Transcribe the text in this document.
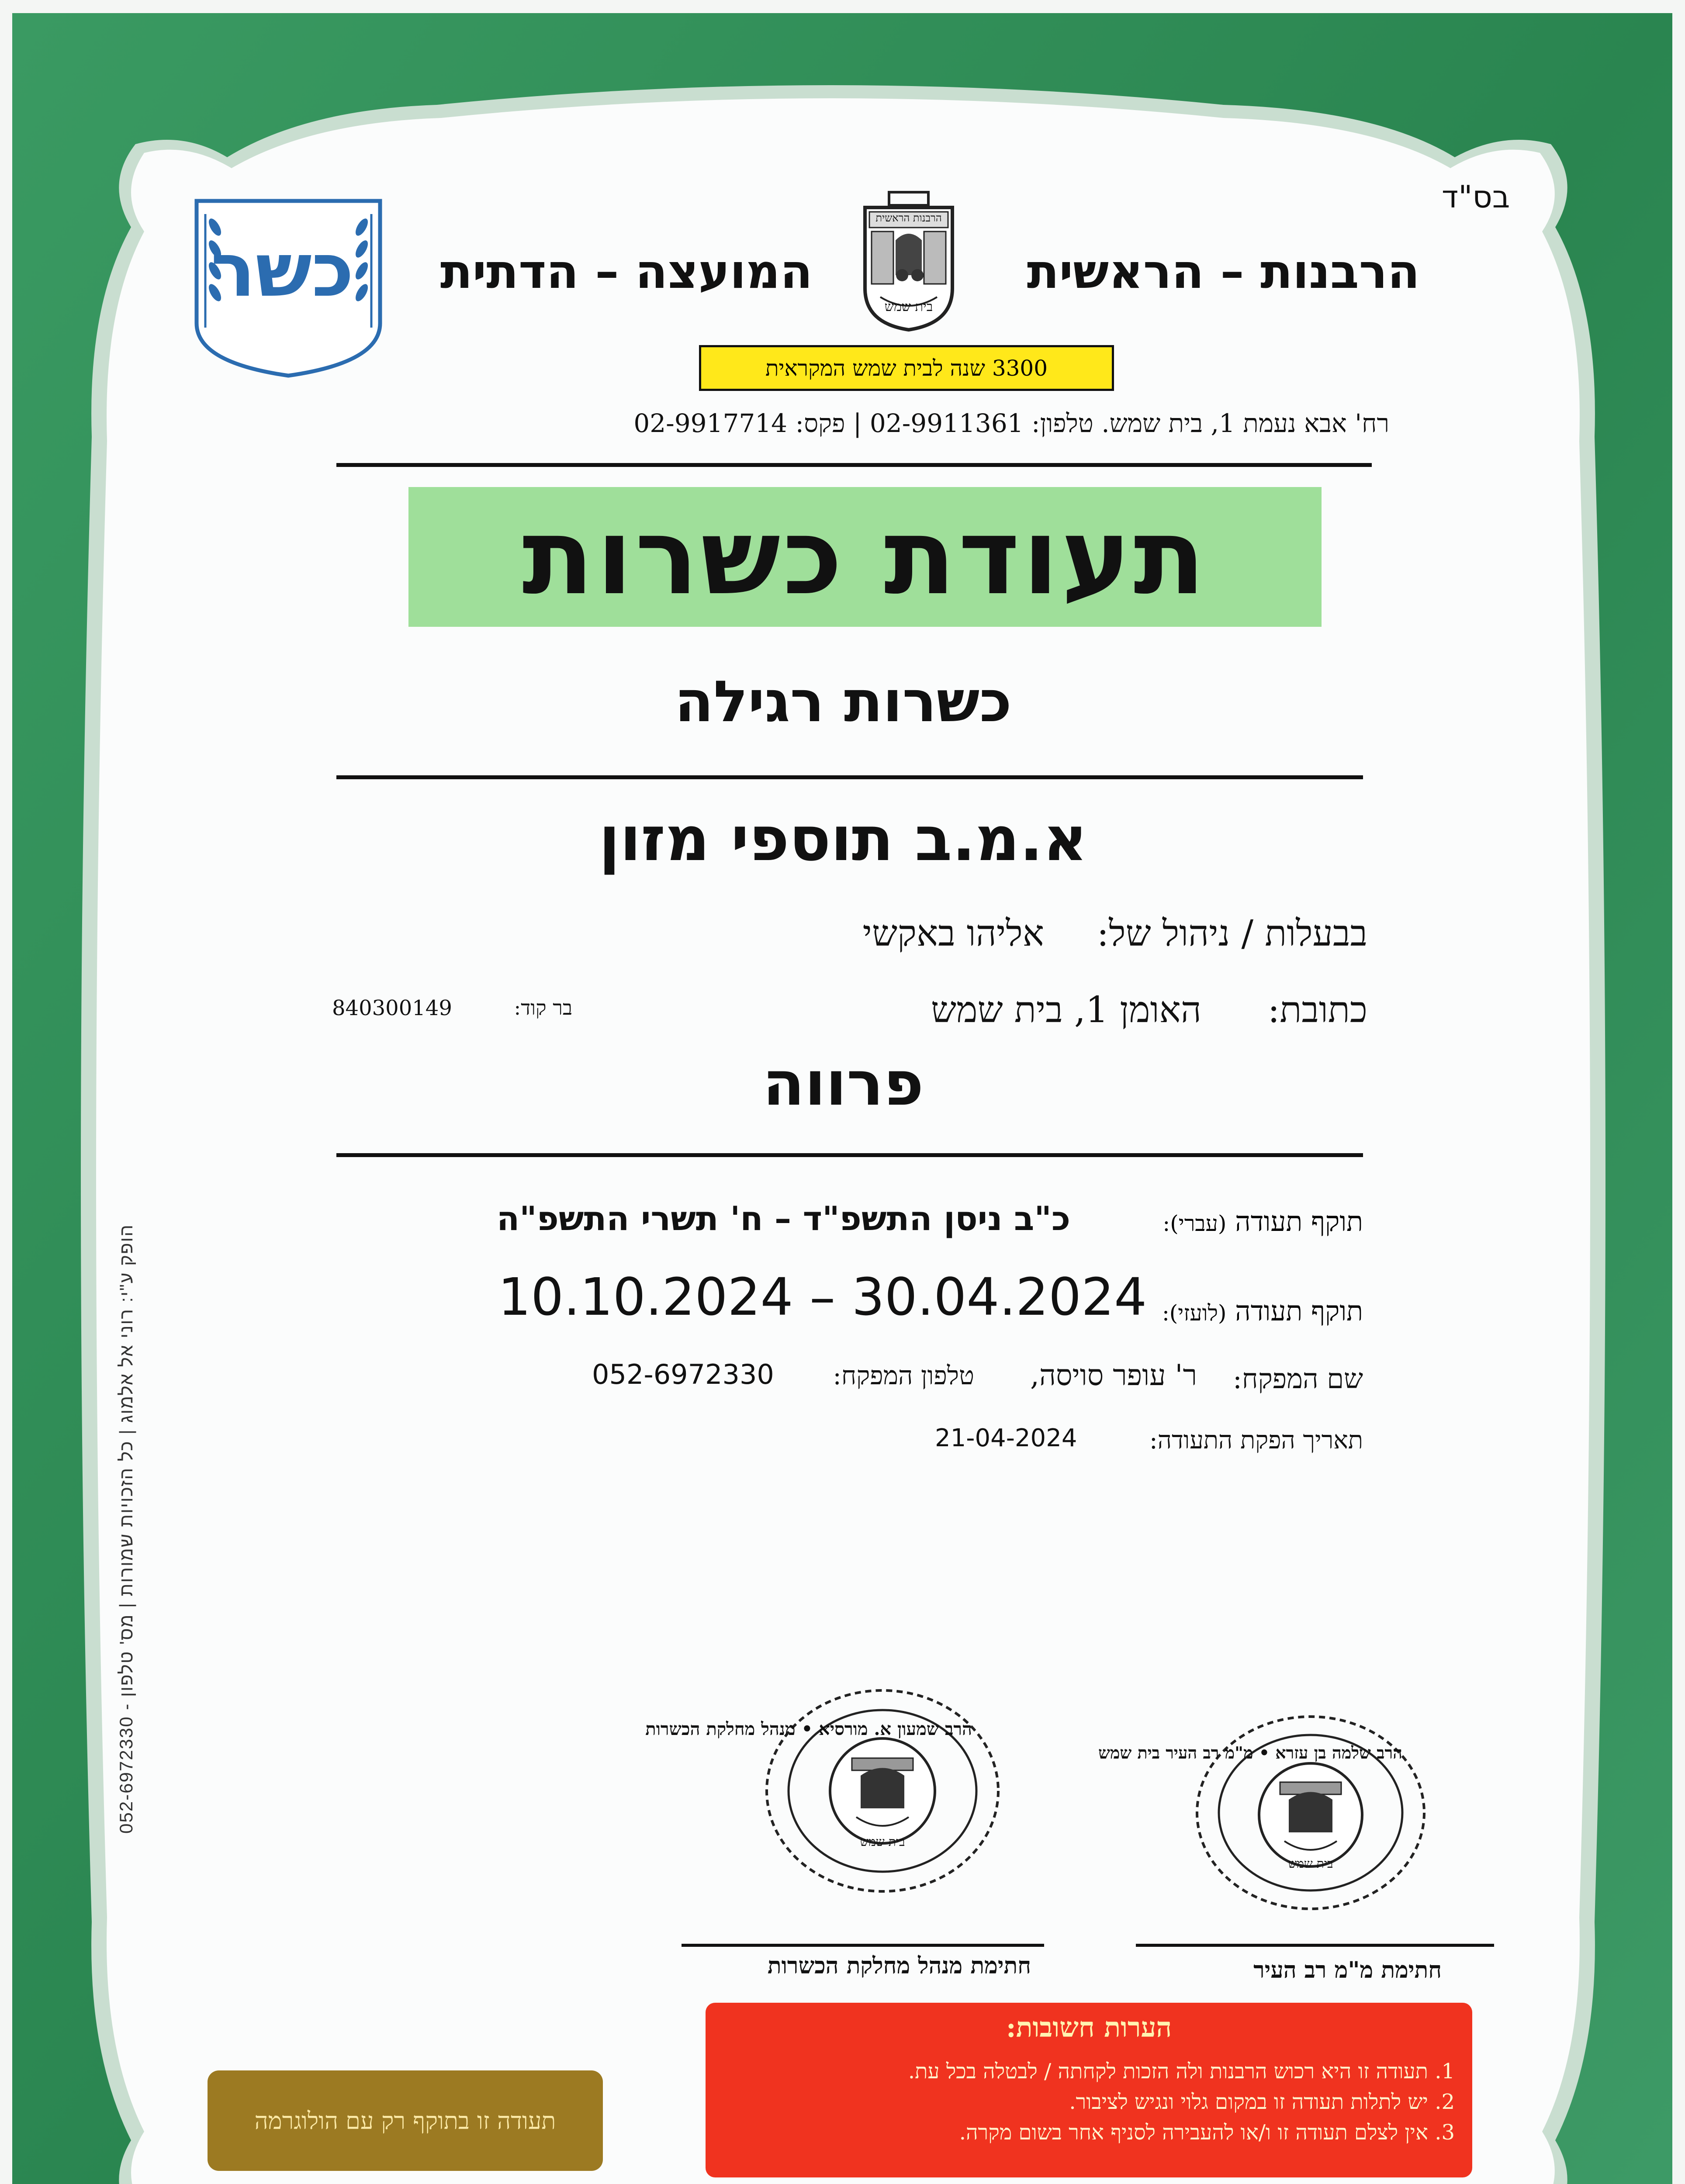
הופק ע"י: רוני אל אלמוג | כל הזכויות שמורות | מס' טלפון - 052-6972330
בס"ד
הרבנות – הראשית
המועצה – הדתית
הרבנות הראשית
בית שמש
כשר
3300 שנה לבית שמש המקראית
רח' אבא נעמת 1, בית שמש. טלפון: 02-9911361 | פקס: 02-9917714
תעודת כשרות
כשרות רגילה
א.מ.ב תוספי מזון
בבעלות / ניהול של:
אליהו באקשי
כתובת:
האומן 1, בית שמש
בר קוד:
840300149
פרווה
תוקף תעודה (עברי):
כ"ב ניסן התשפ"ד – ח' תשרי התשפ"ה
תוקף תעודה (לועזי):
10.10.2024 – 30.04.2024
שם המפקח:
ר' עופר סויסה,
טלפון המפקח:
052-6972330
תאריך הפקת התעודה:
21-04-2024
הרב שמעון א. מורסיא • מנהל מחלקת הכשרות
בית שמש
הרב שלמה בן עזרא • מ"מ רב העיר בית שמש
בית שמש
חתימת מנהל מחלקת הכשרות	חתימת מ"מ רב העיר
הערות חשובות:
1. תעודה זו היא רכוש הרבנות ולה הזכות לקחתה / לבטלה בכל עת.
2. יש לתלות תעודה זו במקום גלוי ונגיש לציבור.
3. אין לצלם תעודה זו ו/או להעבירה לסניף אחר בשום מקרה.
תעודה זו בתוקף רק עם הולוגרמה
